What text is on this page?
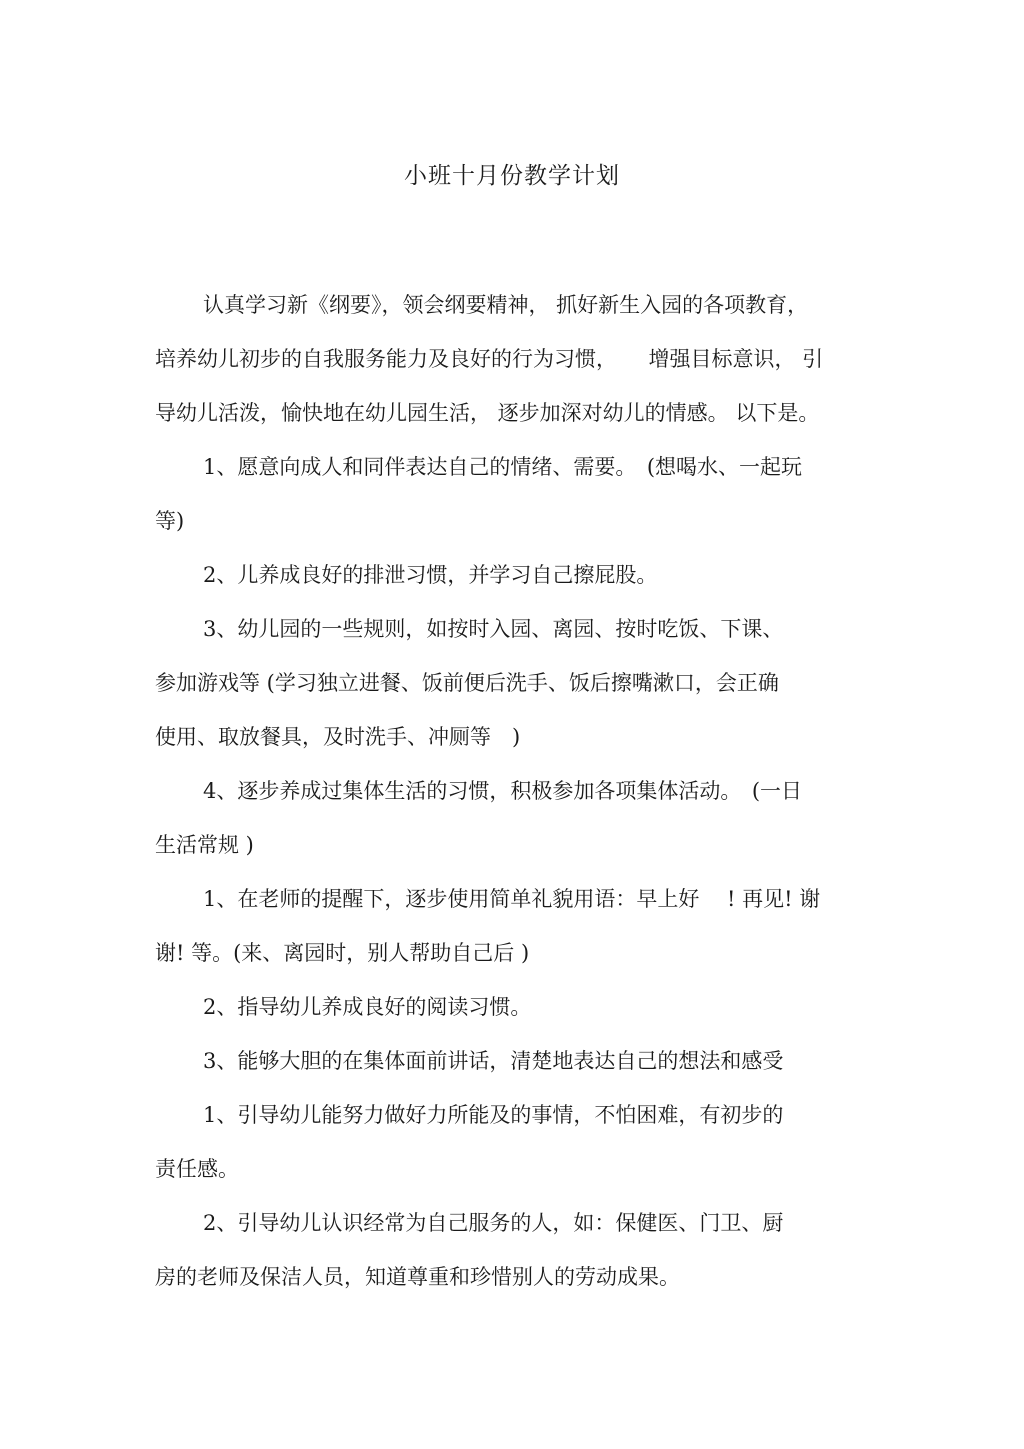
小班十月份教学计划

认真学习新《纲要》，领会纲要精神， 抓好新生入园的各项教育，
培养幼儿初步的自我服务能力及良好的行为习惯，　　增强目标意识， 引
导幼儿活泼，愉快地在幼儿园生活， 逐步加深对幼儿的情感。 以下是。
1、愿意向成人和同伴表达自己的情绪、需要。　(想喝水、一起玩
等)
2、儿养成良好的排泄习惯，并学习自己擦屁股。
3、幼儿园的一些规则，如按时入园、离园、按时吃饭、下课、
参加游戏等 (学习独立进餐、饭前便后洗手、饭后擦嘴漱口，会正确
使用、取放餐具，及时洗手、冲厕等　)
4、逐步养成过集体生活的习惯，积极参加各项集体活动。　(一日
生活常规 )
1、在老师的提醒下，逐步使用简单礼貌用语：早上好　 ! 再见! 谢
谢! 等。(来、离园时，别人帮助自己后 )
2、指导幼儿养成良好的阅读习惯。
3、能够大胆的在集体面前讲话，清楚地表达自己的想法和感受
1、引导幼儿能努力做好力所能及的事情，不怕困难，有初步的
责任感。
2、引导幼儿认识经常为自己服务的人，如：保健医、门卫、厨
房的老师及保洁人员，知道尊重和珍惜别人的劳动成果。
